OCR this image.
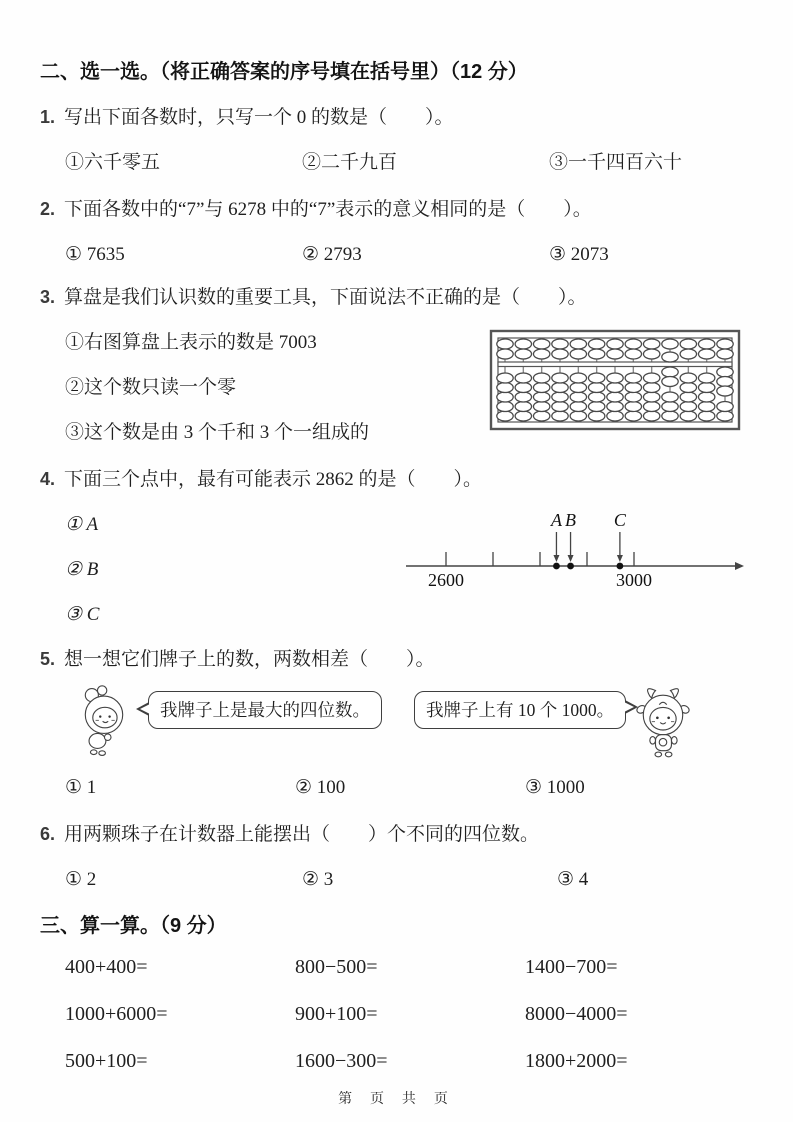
二、选一选。（将正确答案的序号填在括号里）（12 分）
1. 写出下面各数时，只写一个 0 的数是（　　）。
①六千零五	②二千九百	③一千四百六十
2. 下面各数中的“7”与 6278 中的“7”表示的意义相同的是（　　）。
① 7635	② 2793	③ 2073
3. 算盘是我们认识数的重要工具，下面说法不正确的是（　　）。
①右图算盘上表示的数是 7003
②这个数只读一个零
③这个数是由 3 个千和 3 个一组成的
4. 下面三个点中，最有可能表示 2862 的是（　　）。
① A
② B
③ C
2600	3000
A B C
5. 想一想它们牌子上的数，两数相差（　　）。
我牌子上是最大的四位数。	我牌子上有 10 个 1000。
① 1	② 100	③ 1000
6. 用两颗珠子在计数器上能摆出（　　）个不同的四位数。
① 2	② 3	③ 4
三、算一算。（9 分）
400+400=	800−500=	1400−700=
1000+6000=	900+100=	8000−4000=
500+100=	1600−300=	1800+2000=
第 页 共 页
